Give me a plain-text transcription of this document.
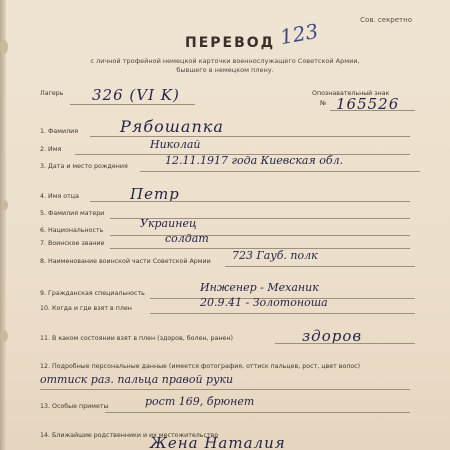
Сов. секретно
ПЕРЕВОД 123
с личной трофейной немецкой карточки военнослужащего Советской Армии,
бывшего в немецком плену.
Лагерь 326 (VI K)	Опознавательный знак
№ 165526
1. Фамилия	Рябошапка
2. Имя	Николай
3. Дата и место рождения	12.11.1917 года Киевская обл.
4. Имя отца	Петр
5. Фамилия матери
6. Национальность
Украинец
7. Воинское звание	солдат
8. Наименование воинской части Советской Армии 723 Гауб. полк
9. Гражданская специальность	Инженер - Механик
10. Когда и где взят в плен	20.9.41 - Золотоноша
11. В каком состоянии взят в плен (здоров, болен, ранен)	здоров
12. Подробные персональные данные (имеется фотография, оттиск пальцев, рост, цвет волос)
оттиск раз. пальца правой руки
13. Особые приметы	рост 169, брюнет
14. Ближайшие родственники и их местожительство
Жена Наталия
